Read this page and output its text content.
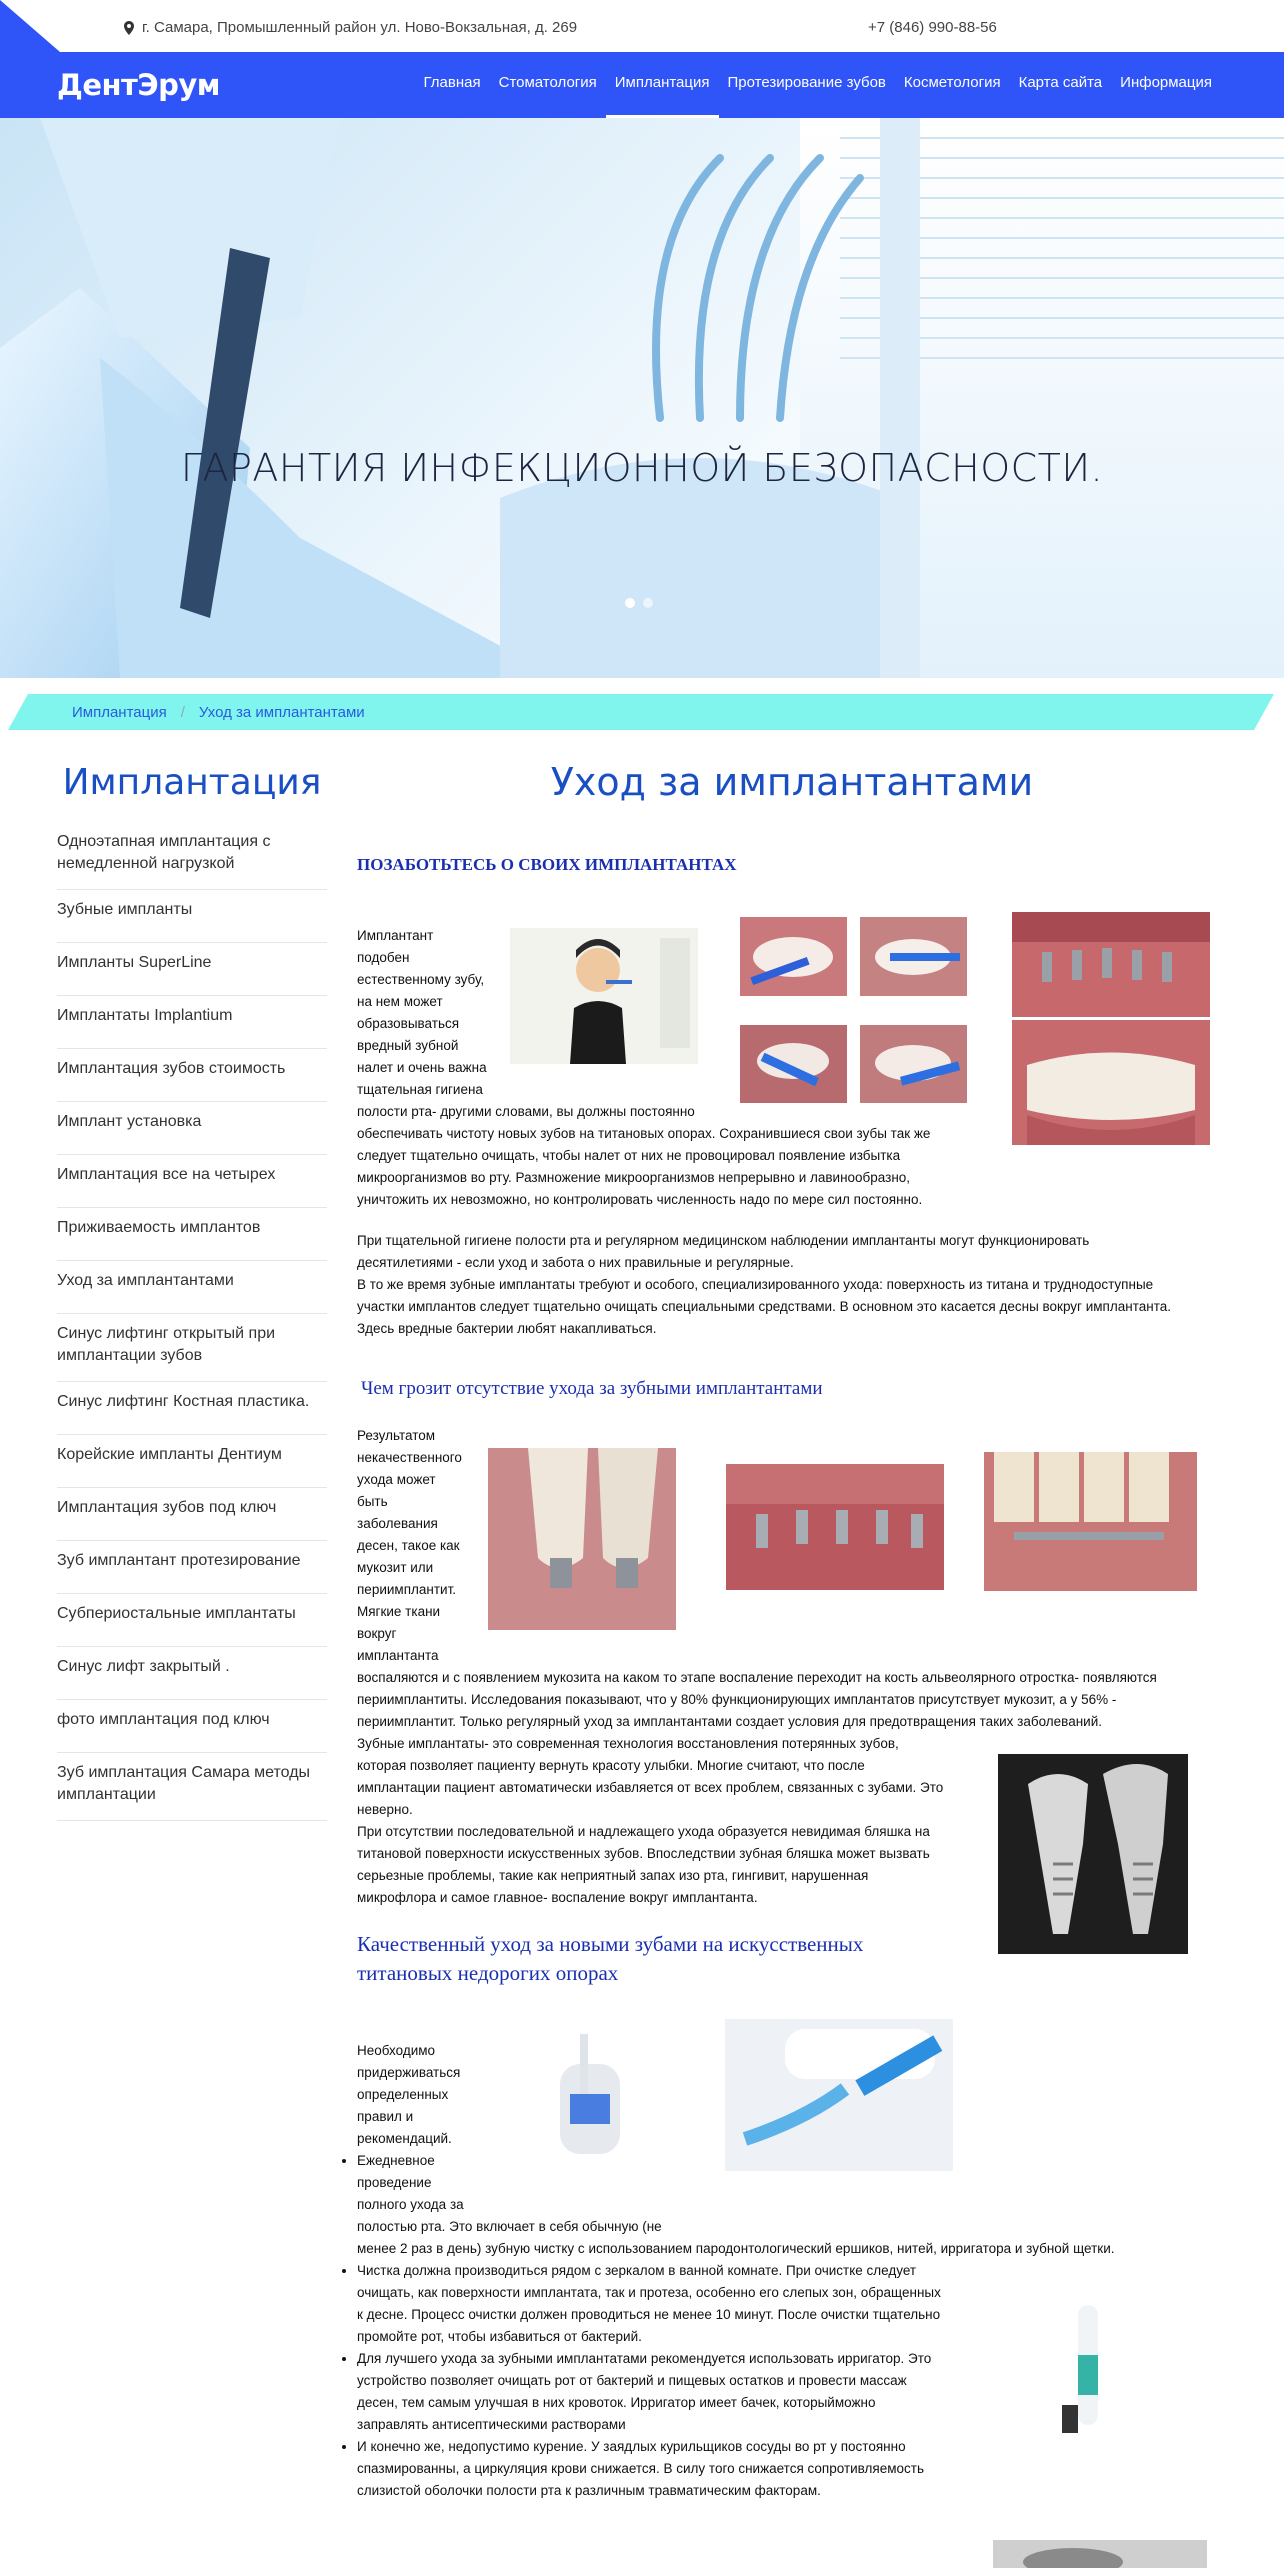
г. Самара, Промышленный район ул. Ново-Вокзальная, д. 269	+7 (846) 990-88-56
ДентЭрум	Главная	Стоматология	Имплантация	Протезирование зубов	Косметология	Карта сайта	Информация
ГАРАНТИЯ ИНФЕКЦИОННОЙ БЕЗОПАСНОСТИ.
Имплантация / Уход за имплантантами
Имплантация
Одноэтапная имплантация с немедленной нагрузкой
Зубные импланты
Импланты SuperLine
Имплантаты Implantium
Имплантация зубов стоимость
Имплант установка
Имплантация все на четырех
Приживаемость имплантов
Уход за имплантантами
Синус лифтинг открытый при имплантации зубов
Синус лифтинг Костная пластика.
Корейские импланты Дентиум
Имплантация зубов под ключ
Зуб имплантант протезирование
Субпериостальные имплантаты
Синус лифт закрытый .
фото имплантация под ключ
Зуб имплантация Самара методы имплантации
Уход за имплантантами
ПОЗАБОТЬТЕСЬ О СВОИХ ИМПЛАНТАНТАХ
Имплантант
подобен
естественному зубу,
на нем может
образовываться
вредный зубной
налет и очень важна
тщательная гигиена
полости рта- другими словами, вы должны постоянно
обеспечивать чистоту новых зубов на титановых опорах. Сохранившиеся свои зубы так же
следует тщательно очищать, чтобы налет от них не провоцировал появление избытка
микроорганизмов во рту. Размножение микроорганизмов непрерывно и лавинообразно,
уничтожить их невозможно, но контролировать численность надо по мере сил постоянно.
При тщательной гигиене полости рта и регулярном медицинском наблюдении имплантанты могут функционировать
десятилетиями - если уход и забота о них правильные и регулярные.
В то же время зубные имплантаты требуют и особого, специализированного ухода: поверхность из титана и труднодоступные
участки имплантов следует тщательно очищать специальными средствами. В основном это касается десны вокруг имплантанта.
Здесь вредные бактерии любят накапливаться.
Чем грозит отсутствие ухода за зубными имплантантами
Результатом
некачественного
ухода может
быть
заболевания
десен, такое как
мукозит или
периимплантит.
Мягкие ткани
вокруг
имплантанта
воспаляются и с появлением мукозита на каком то этапе воспаление переходит на кость альвеолярного отростка- появляются
периимплантиты. Исследования показывают, что у 80% функционирующих имплантатов присутствует мукозит, а у 56% -
периимплантит. Только регулярный уход за имплантантами создает условия для предотвращения таких заболеваний.
Зубные имплантаты- это современная технология восстановления потерянных зубов,
которая позволяет пациенту вернуть красоту улыбки. Многие считают, что после
имплантации пациент автоматически избавляется от всех проблем, связанных с зубами. Это
неверно.
При отсутствии последовательной и надлежащего ухода образуется невидимая бляшка на
титановой поверхности искусственных зубов. Впоследствии зубная бляшка может вызвать
серьезные проблемы, такие как неприятный запах изо рта, гингивит, нарушенная
микрофлора и самое главное- воспаление вокруг имплантанта.
Качественный уход за новыми зубами на искусственных
титановых недорогих опорах
Необходимо
придерживаться
определенных
правил и
рекомендаций.
• Ежедневное
проведение
полного ухода за
полостью рта. Это включает в себя обычную (не
менее 2 раз в день) зубную чистку с использованием пародонтологический ершиков, нитей, ирригатора и зубной щетки.
• Чистка должна производиться рядом с зеркалом в ванной комнате. При очистке следует
очищать, как поверхности имплантата, так и протеза, особенно его слепых зон, обращенных
к десне. Процесс очистки должен проводиться не менее 10 минут. После очистки тщательно
промойте рот, чтобы избавиться от бактерий.
• Для лучшего ухода за зубными имплантатами рекомендуется использовать ирригатор. Это
устройство позволяет очищать рот от бактерий и пищевых остатков и провести массаж
десен, тем самым улучшая в них кровоток. Ирригатор имеет бачек, которыйможно
заправлять антисептическими растворами
• И конечно же, недопустимо курение. У заядлых курильщиков сосуды во рт у постоянно
спазмированны, а циркуляция крови снижается. В силу того снижается сопротивляемость
слизистой оболочки полости рта к различным травматическим факторам.
